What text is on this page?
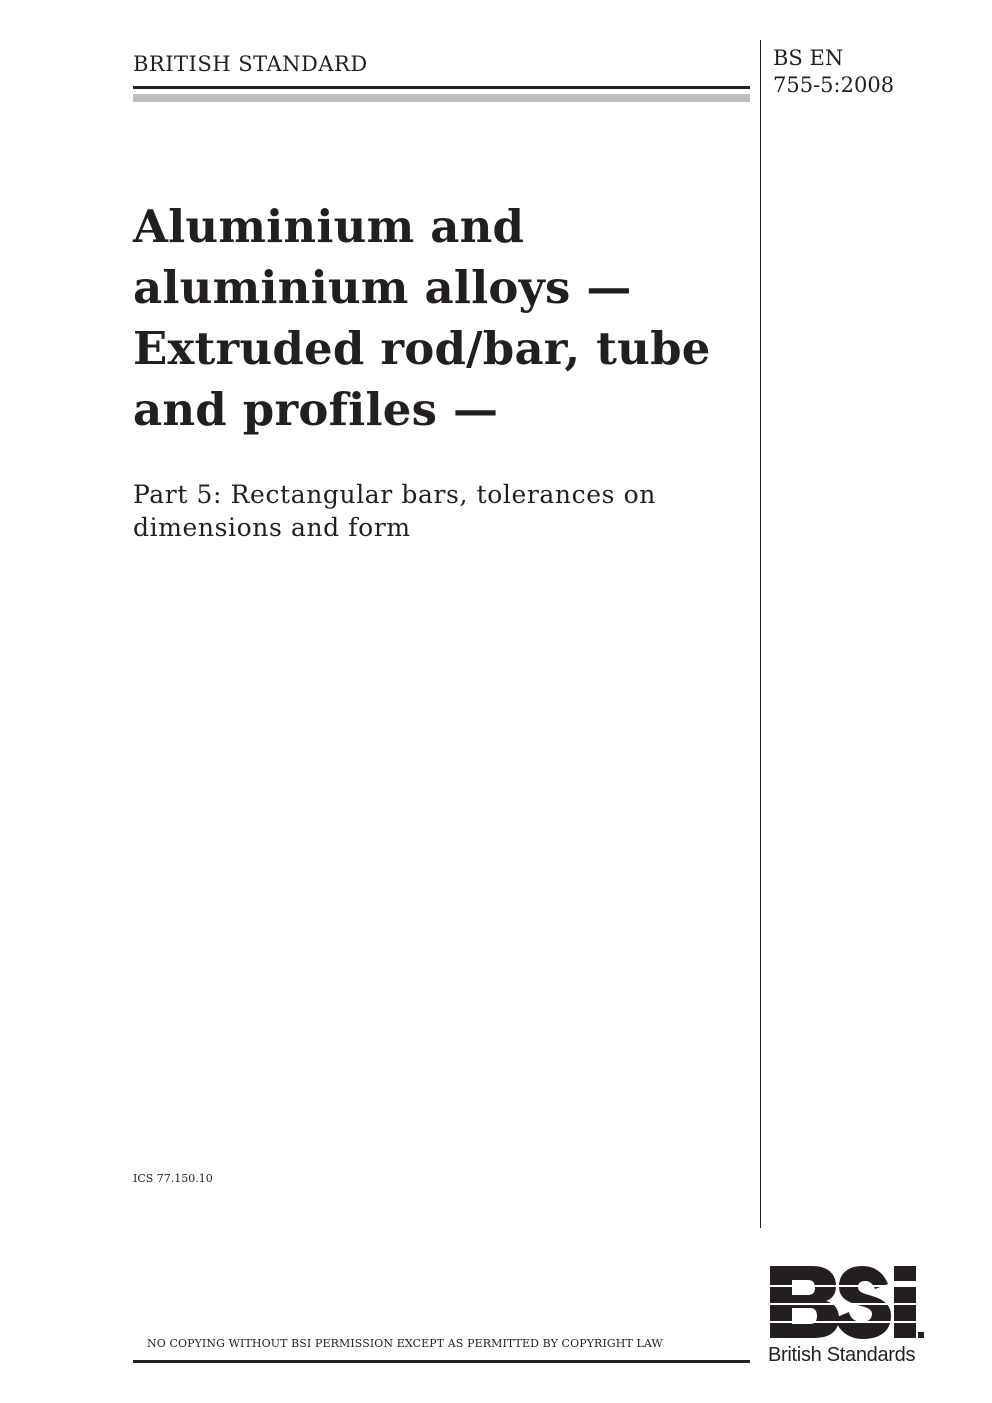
BRITISH STANDARD	BS EN
755-5:2008
Aluminium and
aluminium alloys —
Extruded rod/bar, tube
and profiles —
Part 5: Rectangular bars, tolerances on
dimensions and form
ICS 77.150.10
NO COPYING WITHOUT BSI PERMISSION EXCEPT AS PERMITTED BY COPYRIGHT LAW
British Standards
